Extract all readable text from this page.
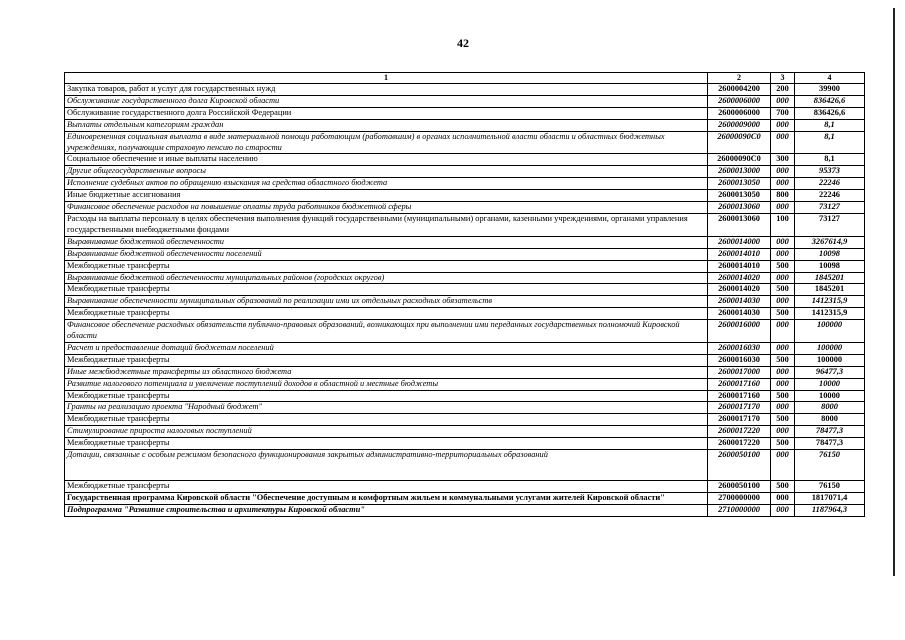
42
1	2	3	4
Закупка товаров, работ и услуг для государственных нужд	2600004200	200	39900
Обслуживание государственного долга Кировской области	2600006000	000	836426,6
Обслуживание государственного долга Российской Федерации	2600006000	700	836426,6
Выплаты отдельным категориям граждан	2600009000	000	8,1
Единовременная социальная выплата в виде материальной помощи работающим (работавшим) в органах исполнительной власти области и областных бюджетных учреждениях, получающим страховую пенсию по старости	26000090С0	000	8,1
Социальное обеспечение и иные выплаты населению	26000090С0	300	8,1
Другие общегосударственные вопросы	2600013000	000	95373
Исполнение судебных актов по обращению взыскания на средства областного бюджета	2600013050	000	22246
Иные бюджетные ассигнования	2600013050	800	22246
Финансовое обеспечение расходов на повышение оплаты труда работников бюджетной сферы	2600013060	000	73127
Расходы на выплаты персоналу в целях обеспечения выполнения функций государственными (муниципальными) органами, казенными учреждениями, органами управления государственными внебюджетными фондами	2600013060	100	73127
Выравнивание бюджетной обеспеченности	2600014000	000	3267614,9
Выравнивание бюджетной обеспеченности поселений	2600014010	000	10098
Межбюджетные трансферты	2600014010	500	10098
Выравнивание бюджетной обеспеченности муниципальных районов (городских округов)	2600014020	000	1845201
Межбюджетные трансферты	2600014020	500	1845201
Выравнивание обеспеченности муниципальных образований по реализации ими их отдельных расходных обязательств	2600014030	000	1412315,9
Межбюджетные трансферты	2600014030	500	1412315,9
Финансовое обеспечение расходных обязательств публично-правовых образований, возникающих при выполнении ими переданных государственных полномочий Кировской области	2600016000	000	100000
Расчет и предоставление дотаций бюджетам поселений	2600016030	000	100000
Межбюджетные трансферты	2600016030	500	100000
Иные межбюджетные трансферты из областного бюджета	2600017000	000	96477,3
Развитие налогового потенциала и увеличение поступлений доходов в областной и местные бюджеты	2600017160	000	10000
Межбюджетные трансферты	2600017160	500	10000
Гранты на реализацию проекта "Народный бюджет"	2600017170	000	8000
Межбюджетные трансферты	2600017170	500	8000
Стимулирование прироста налоговых поступлений	2600017220	000	78477,3
Межбюджетные трансферты	2600017220	500	78477,3
Дотации, связанные с особым режимом безопасного функционирования закрытых административно-территориальных образований	2600050100	000	76150
Межбюджетные трансферты	2600050100	500	76150
Государственная программа Кировской области "Обеспечение доступным и комфортным жильем и коммунальными услугами жителей Кировской области"	2700000000	000	1817071,4
Подпрограмма "Развитие строительства и архитектуры Кировской области"	2710000000	000	1187964,3
